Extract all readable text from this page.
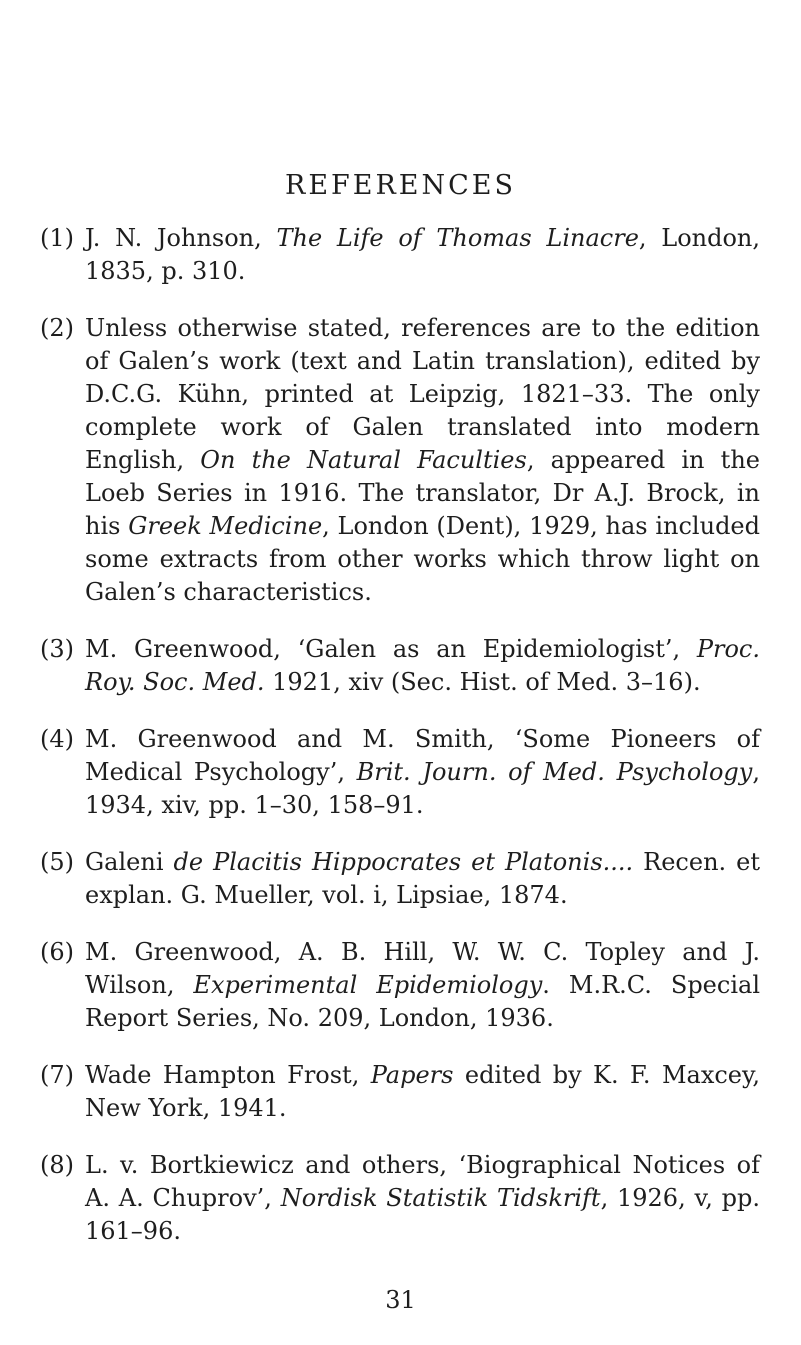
REFERENCES
(1) J. N. Johnson, The Life of Thomas Linacre, London, 1835, p. 310.
(2) Unless otherwise stated, references are to the edition of Galen’s work (text and Latin translation), edited by D.C.G. Kühn, printed at Leipzig, 1821–33. The only complete work of Galen translated into modern English, On the Natural Faculties, appeared in the Loeb Series in 1916. The translator, Dr A.J. Brock, in his Greek Medicine, London (Dent), 1929, has included some extracts from other works which throw light on Galen’s characteristics.
(3) M. Greenwood, ‘Galen as an Epidemiologist’, Proc. Roy. Soc. Med. 1921, xiv (Sec. Hist. of Med. 3–16).
(4) M. Greenwood and M. Smith, ‘Some Pioneers of Medical Psychology’, Brit. Journ. of Med. Psychology, 1934, xiv, pp. 1–30, 158–91.
(5) Galeni de Placitis Hippocrates et Platonis.... Recen. et explan. G. Mueller, vol. i, Lipsiae, 1874.
(6) M. Greenwood, A. B. Hill, W. W. C. Topley and J. Wilson, Experimental Epidemiology. M.R.C. Special Report Series, No. 209, London, 1936.
(7) Wade Hampton Frost, Papers edited by K. F. Maxcey, New York, 1941.
(8) L. v. Bortkiewicz and others, ‘Biographical Notices of A. A. Chuprov’, Nordisk Statistik Tidskrift, 1926, v, pp. 161–96.
31
